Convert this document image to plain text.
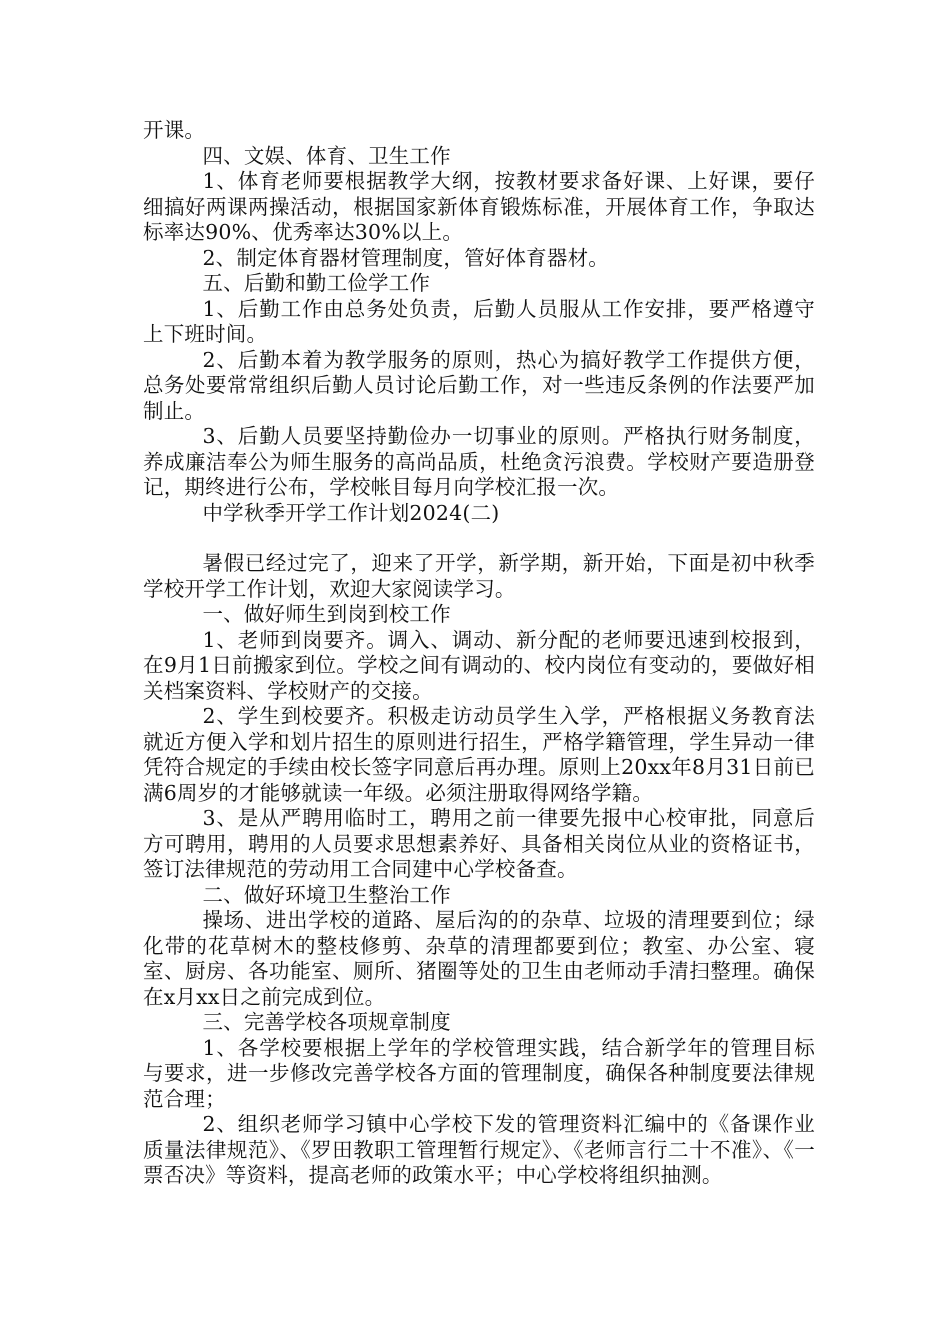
开课。

四、文娱、体育、卫生工作

1、体育老师要根据教学大纲，按教材要求备好课、上好课，要仔细搞好两课两操活动，根据国家新体育锻炼标准，开展体育工作，争取达标率达90%、优秀率达30%以上。

2、制定体育器材管理制度，管好体育器材。

五、后勤和勤工俭学工作

1、后勤工作由总务处负责，后勤人员服从工作安排，要严格遵守上下班时间。

2、后勤本着为教学服务的原则，热心为搞好教学工作提供方便，总务处要常常组织后勤人员讨论后勤工作，对一些违反条例的作法要严加制止。

3、后勤人员要坚持勤俭办一切事业的原则。严格执行财务制度，养成廉洁奉公为师生服务的高尚品质，杜绝贪污浪费。学校财产要造册登记，期终进行公布，学校帐目每月向学校汇报一次。

中学秋季开学工作计划2024(二)

暑假已经过完了，迎来了开学，新学期，新开始，下面是初中秋季学校开学工作计划，欢迎大家阅读学习。

一、做好师生到岗到校工作

1、老师到岗要齐。调入、调动、新分配的老师要迅速到校报到，在9月1日前搬家到位。学校之间有调动的、校内岗位有变动的，要做好相关档案资料、学校财产的交接。

2、学生到校要齐。积极走访动员学生入学，严格根据义务教育法就近方便入学和划片招生的原则进行招生，严格学籍管理，学生异动一律凭符合规定的手续由校长签字同意后再办理。原则上20xx年8月31日前已满6周岁的才能够就读一年级。必须注册取得网络学籍。

3、是从严聘用临时工，聘用之前一律要先报中心校审批，同意后方可聘用，聘用的人员要求思想素养好、具备相关岗位从业的资格证书，签订法律规范的劳动用工合同建中心学校备查。

二、做好环境卫生整治工作

操场、进出学校的道路、屋后沟的的杂草、垃圾的清理要到位；绿化带的花草树木的整枝修剪、杂草的清理都要到位；教室、办公室、寝室、厨房、各功能室、厕所、猪圈等处的卫生由老师动手清扫整理。确保在x月xx日之前完成到位。

三、完善学校各项规章制度

1、各学校要根据上学年的学校管理实践，结合新学年的管理目标与要求，进一步修改完善学校各方面的管理制度，确保各种制度要法律规范合理；

2、组织老师学习镇中心学校下发的管理资料汇编中的《备课作业质量法律规范》、《罗田教职工管理暂行规定》、《老师言行二十不准》、《一票否决》等资料，提高老师的政策水平；中心学校将组织抽测。
